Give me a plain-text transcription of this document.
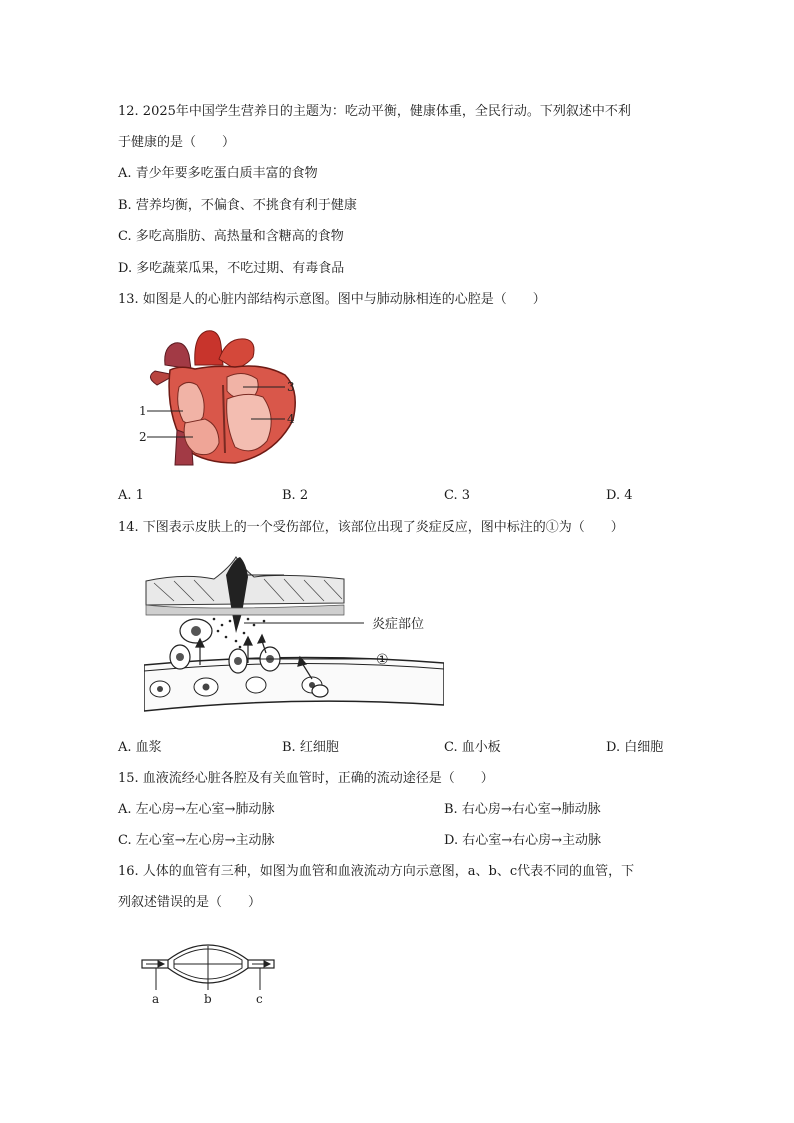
12. 2025年中国学生营养日的主题为：吃动平衡，健康体重，全民行动。下列叙述中不利
于健康的是（　　）
A. 青少年要多吃蛋白质丰富的食物
B. 营养均衡，不偏食、不挑食有利于健康
C. 多吃高脂肪、高热量和含糖高的食物
D. 多吃蔬菜瓜果，不吃过期、有毒食品
13. 如图是人的心脏内部结构示意图。图中与肺动脉相连的心腔是（　　）
1
2
3
4
A. 1	B. 2	C. 3	D. 4
14. 下图表示皮肤上的一个受伤部位，该部位出现了炎症反应，图中标注的①为（　　）
炎症部位
①
A. 血浆	B. 红细胞	C. 血小板	D. 白细胞
15. 血液流经心脏各腔及有关血管时，正确的流动途径是（　　）
A. 左心房→左心室→肺动脉	B. 右心房→右心室→肺动脉
C. 左心室→左心房→主动脉	D. 右心室→右心房→主动脉
16. 人体的血管有三种，如图为血管和血液流动方向示意图，a、b、c代表不同的血管，下
列叙述错误的是（　　）
a	b	c
